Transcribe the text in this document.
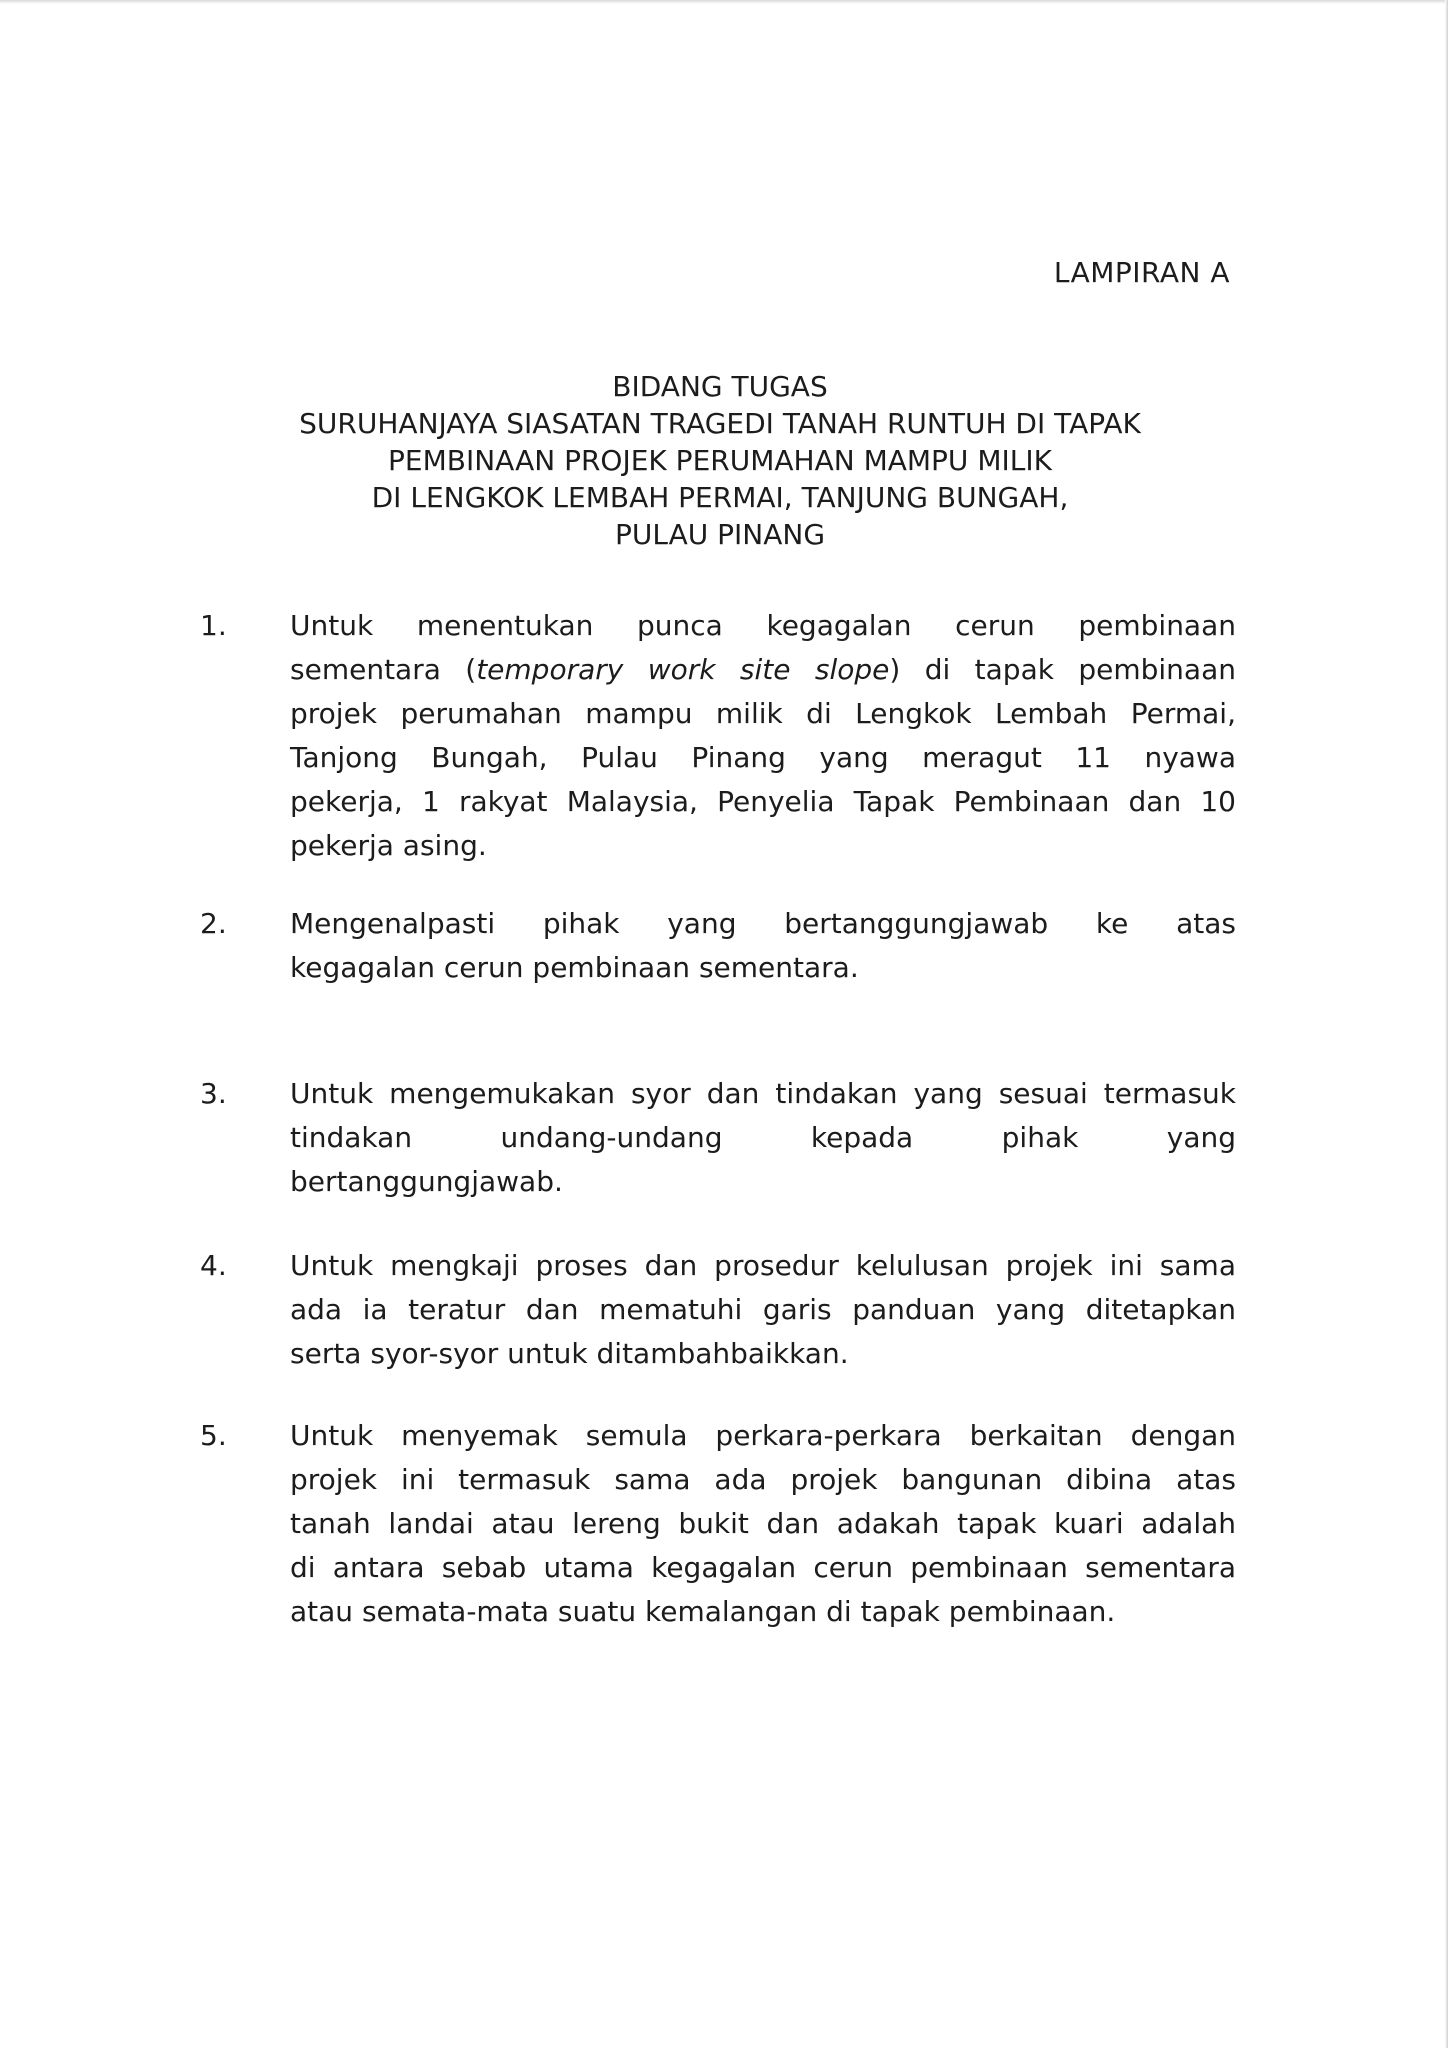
LAMPIRAN A
BIDANG TUGAS
SURUHANJAYA SIASATAN TRAGEDI TANAH RUNTUH DI TAPAK
PEMBINAAN PROJEK PERUMAHAN MAMPU MILIK
DI LENGKOK LEMBAH PERMAI, TANJUNG BUNGAH,
PULAU PINANG
1. Untuk menentukan punca kegagalan cerun pembinaan
sementara (temporary work site slope) di tapak pembinaan
projek perumahan mampu milik di Lengkok Lembah Permai,
Tanjong Bungah, Pulau Pinang yang meragut 11 nyawa
pekerja, 1 rakyat Malaysia, Penyelia Tapak Pembinaan dan 10
pekerja asing.
2. Mengenalpasti pihak yang bertanggungjawab ke atas
kegagalan cerun pembinaan sementara.
3. Untuk mengemukakan syor dan tindakan yang sesuai termasuk
tindakan undang-undang kepada pihak yang
bertanggungjawab.
4. Untuk mengkaji proses dan prosedur kelulusan projek ini sama
ada ia teratur dan mematuhi garis panduan yang ditetapkan
serta syor-syor untuk ditambahbaikkan.
5. Untuk menyemak semula perkara-perkara berkaitan dengan
projek ini termasuk sama ada projek bangunan dibina atas
tanah landai atau lereng bukit dan adakah tapak kuari adalah
di antara sebab utama kegagalan cerun pembinaan sementara
atau semata-mata suatu kemalangan di tapak pembinaan.
